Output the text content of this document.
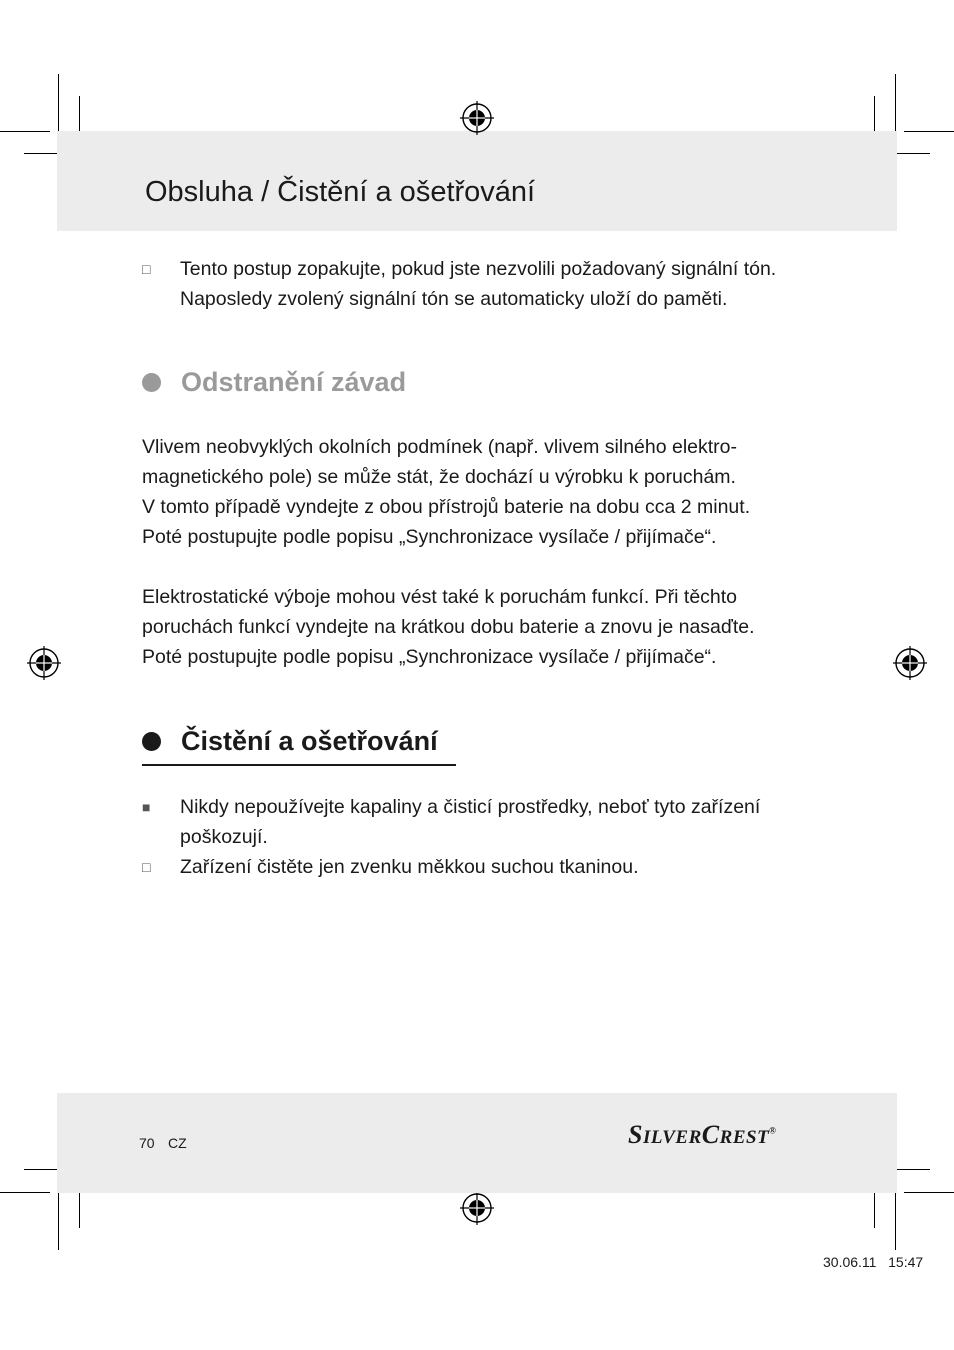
Obsluha / Čistění a ošetřování
□	Tento postup zopakujte, pokud jste nezvolili požadovaný signální tón.
Naposledy zvolený signální tón se automaticky uloží do paměti.
Odstranění závad
Vlivem neobvyklých okolních podmínek (např. vlivem silného elektro-
magnetického pole) se může stát, že dochází u výrobku k poruchám.
V tomto případě vyndejte z obou přístrojů baterie na dobu cca 2 minut.
Poté postupujte podle popisu „Synchronizace vysílače / přijímače“.
Elektrostatické výboje mohou vést také k poruchám funkcí. Při těchto
poruchách funkcí vyndejte na krátkou dobu baterie a znovu je nasaďte.
Poté postupujte podle popisu „Synchronizace vysílače / přijímače“.
Čistění a ošetřování
■	Nikdy nepoužívejte kapaliny a čisticí prostředky, neboť tyto zařízení
poškozují.
□	Zařízení čistěte jen zvenku měkkou suchou tkaninou.
70 CZ	SILVERCREST®
30.06.11   15:47
